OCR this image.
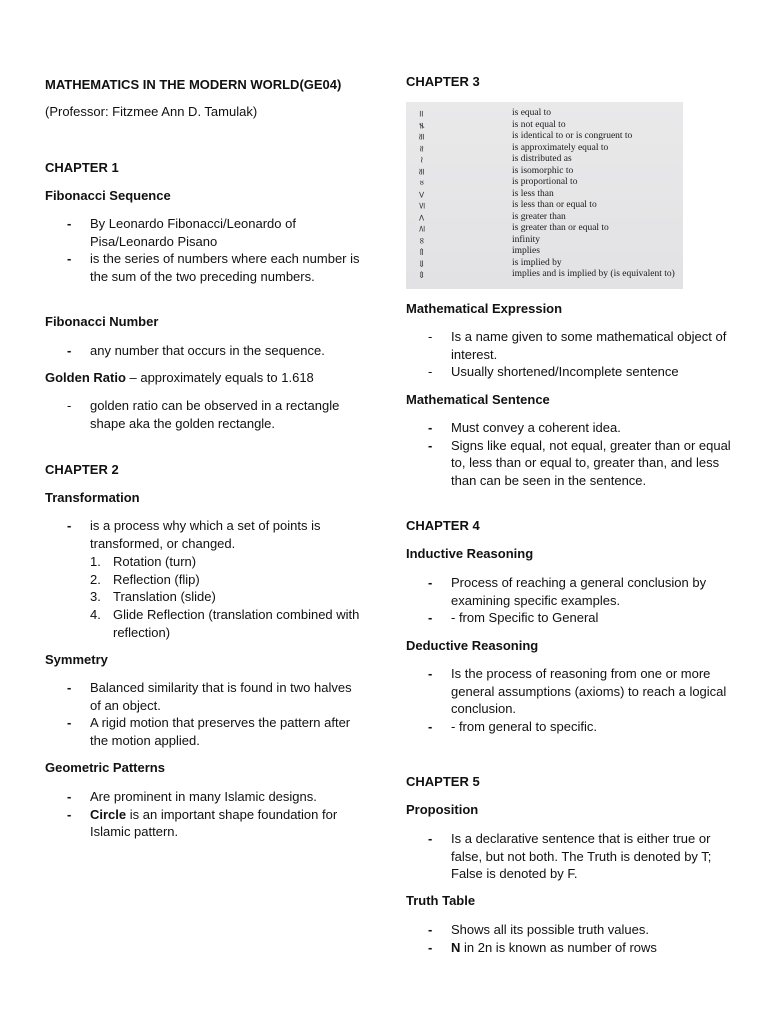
MATHEMATICS IN THE MODERN WORLD(GE04)
(Professor: Fitzmee Ann D. Tamulak)
CHAPTER 1
Fibonacci Sequence
- By Leonardo Fibonacci/Leonardo of Pisa/Leonardo Pisano
- is the series of numbers where each number is the sum of the two preceding numbers.
Fibonacci Number
- any number that occurs in the sequence.
Golden Ratio – approximately equals to 1.618
- golden ratio can be observed in a rectangle shape aka the golden rectangle.
CHAPTER 2
Transformation
- is a process why which a set of points is transformed, or changed.
1. Rotation (turn)
2. Reflection (flip)
3. Translation (slide)
4. Glide Reflection (translation combined with reflection)
Symmetry
- Balanced similarity that is found in two halves of an object.
- A rigid motion that preserves the pattern after the motion applied.
Geometric Patterns
- Are prominent in many Islamic designs.
- Circle is an important shape foundation for Islamic pattern.
CHAPTER 3
=
≠
≅
≈
~
≅
∝
<
≤
>
≥
∞
⇒
⇐
⇔
is equal to
is not equal to
is identical to or is congruent to
is approximately equal to
is distributed as
is isomorphic to
is proportional to
is less than
is less than or equal to
is greater than
is greater than or equal to
infinity
implies
is implied by
implies and is implied by (is equivalent to)
Mathematical Expression
- Is a name given to some mathematical object of interest.
- Usually shortened/Incomplete sentence
Mathematical Sentence
- Must convey a coherent idea.
- Signs like equal, not equal, greater than or equal to, less than or equal to, greater than, and less than can be seen in the sentence.
CHAPTER 4
Inductive Reasoning
- Process of reaching a general conclusion by examining specific examples.
- - from Specific to General
Deductive Reasoning
- Is the process of reasoning from one or more general assumptions (axioms) to reach a logical conclusion.
- - from general to specific.
CHAPTER 5
Proposition
- Is a declarative sentence that is either true or false, but not both. The Truth is denoted by T; False is denoted by F.
Truth Table
- Shows all its possible truth values.
- N in 2n is known as number of rows
